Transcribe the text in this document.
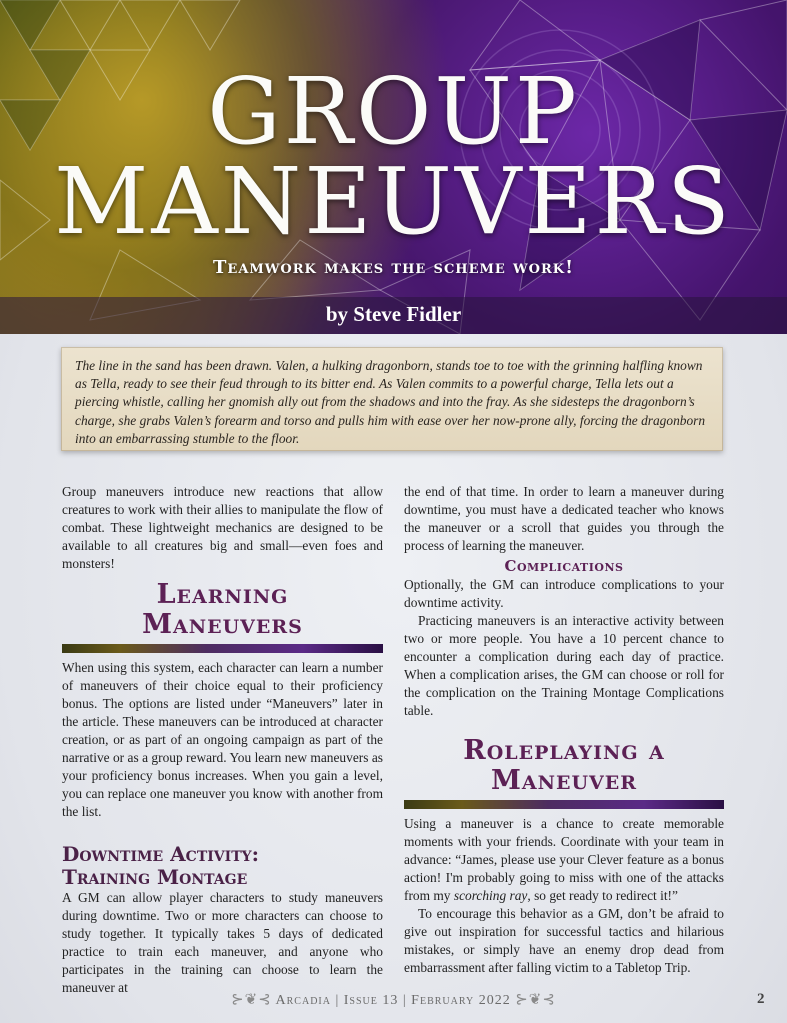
GROUP
MANEUVERS
Teamwork makes the scheme work!
by Steve Fidler
The line in the sand has been drawn. Valen, a hulking dragonborn, stands toe to toe with the grinning halfling known as Tella, ready to see their feud through to its bitter end. As Valen commits to a powerful charge, Tella lets out a piercing whistle, calling her gnomish ally out from the shadows and into the fray. As she sidesteps the dragonborn’s charge, she grabs Valen’s forearm and torso and pulls him with ease over her now-prone ally, forcing the dragonborn into an embarrassing stumble to the floor.

Group maneuvers introduce new reactions that allow creatures to work with their allies to manipulate the flow of combat. These lightweight mechanics are designed to be available to all creatures big and small—even foes and monsters!

Learning
Maneuvers

When using this system, each character can learn a number of maneuvers of their choice equal to their proficiency bonus. The options are listed under “Maneuvers” later in the article. These maneuvers can be introduced at character creation, or as part of an ongoing campaign as part of the narrative or as a group reward. You learn new maneuvers as your proficiency bonus increases. When you gain a level, you can replace one maneuver you know with another from the list.

Downtime Activity:
Training Montage

A GM can allow player characters to study maneuvers during downtime. Two or more characters can choose to study together. It typically takes 5 days of dedicated practice to train each maneuver, and anyone who participates in the training can choose to learn the maneuver at

the end of that time. In order to learn a maneuver during downtime, you must have a dedicated teacher who knows the maneuver or a scroll that guides you through the process of learning the maneuver.

Complications

Optionally, the GM can introduce complications to your downtime activity.

Practicing maneuvers is an interactive activity between two or more people. You have a 10 percent chance to encounter a complication during each day of practice. When a complication arises, the GM can choose or roll for the complication on the Training Montage Complications table.

Roleplaying a
Maneuver

Using a maneuver is a chance to create memorable moments with your friends. Coordinate with your team in advance: “James, please use your Clever feature as a bonus action! I'm probably going to miss with one of the attacks from my scorching ray, so get ready to redirect it!”

To encourage this behavior as a GM, don’t be afraid to give out inspiration for successful tactics and hilarious mistakes, or simply have an enemy drop dead from embarrassment after falling victim to a Tabletop Trip.

⊱❦⊰ Arcadia | Issue 13 | February 2022 ⊱❦⊰	2
